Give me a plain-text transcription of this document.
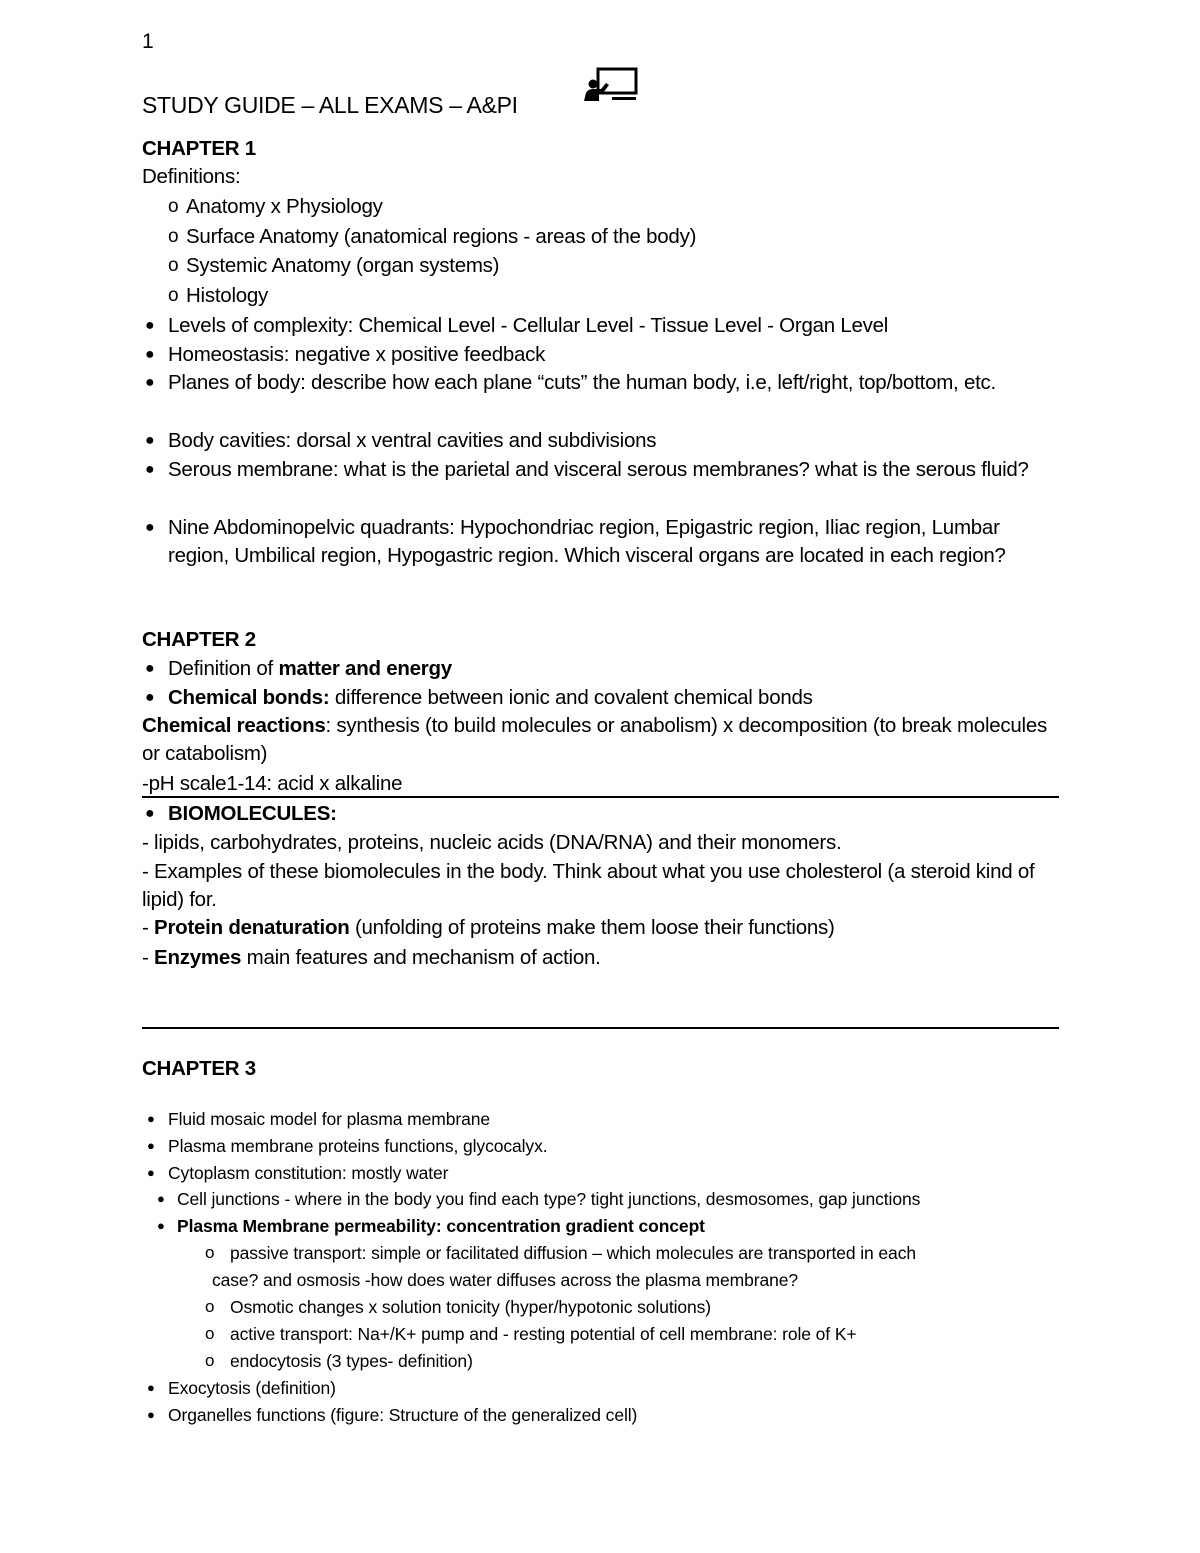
1
STUDY GUIDE – ALL EXAMS – A&PI
CHAPTER 1
Definitions:
o Anatomy x Physiology
o Surface Anatomy (anatomical regions - areas of the body)
o Systemic Anatomy (organ systems)
o Histology
● Levels of complexity: Chemical Level - Cellular Level - Tissue Level - Organ Level
● Homeostasis: negative x positive feedback
● Planes of body: describe how each plane “cuts” the human body, i.e, left/right, top/bottom, etc.
● Body cavities: dorsal x ventral cavities and subdivisions
● Serous membrane: what is the parietal and visceral serous membranes? what is the serous fluid?
● Nine Abdominopelvic quadrants: Hypochondriac region, Epigastric region, Iliac region, Lumbar region, Umbilical region, Hypogastric region. Which visceral organs are located in each region?
CHAPTER 2
● Definition of matter and energy
● Chemical bonds: difference between ionic and covalent chemical bonds
Chemical reactions: synthesis (to build molecules or anabolism) x decomposition (to break molecules or catabolism)
-pH scale1-14: acid x alkaline
● BIOMOLECULES:
- lipids, carbohydrates, proteins, nucleic acids (DNA/RNA) and their monomers.
- Examples of these biomolecules in the body. Think about what you use cholesterol (a steroid kind of lipid) for.
- Protein denaturation (unfolding of proteins make them loose their functions)
- Enzymes main features and mechanism of action.
CHAPTER 3
● Fluid mosaic model for plasma membrane
● Plasma membrane proteins functions, glycocalyx.
● Cytoplasm constitution: mostly water
● Cell junctions - where in the body you find each type? tight junctions, desmosomes, gap junctions
● Plasma Membrane permeability: concentration gradient concept
o passive transport: simple or facilitated diffusion – which molecules are transported in each
case? and osmosis -how does water diffuses across the plasma membrane?
o Osmotic changes x solution tonicity (hyper/hypotonic solutions)
o active transport: Na+/K+ pump and - resting potential of cell membrane: role of K+
o endocytosis (3 types- definition)
● Exocytosis (definition)
● Organelles functions (figure: Structure of the generalized cell)
